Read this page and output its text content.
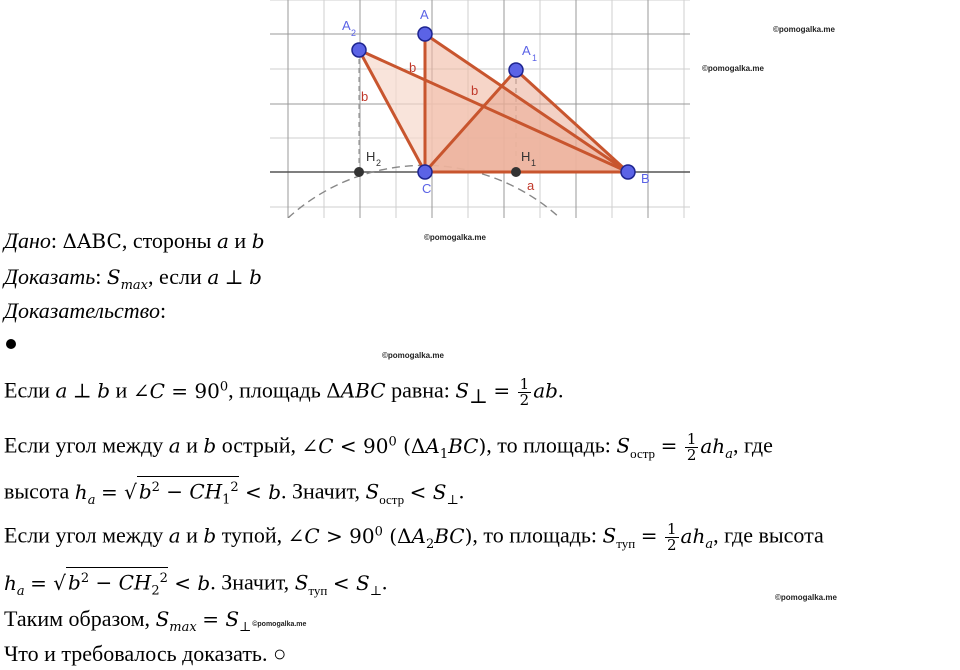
A 2
A
A 1
C
B
H 2	H 1
a
b
b
b
©pomogalka.me
©pomogalka.me
©pomogalka.me
©pomogalka.me
©pomogalka.me
Дано: ΔABC, стороны a и b
Доказать: $S_{max}$, если a ⊥ b
Доказательство:
Если a ⊥ b и ∠C = $90^0$, площадь ΔABC равна: $S_\perp = \frac{1}{2}$ ab.
Если угол между a и b острый, ∠C < $90^0$ $(\Delta A_1BC)$, то площадь: $S_{остр} = \frac{1}{2} ah_a$, где
высота $h_a$ = √ $b^2 - CH_1^2 < b$. Значит, $S_{остр} < S_\perp$.
Если угол между a и b тупой, ∠C > $90^0$ $(\Delta A_2BC)$, то площадь: $S_{туп} = \frac{1}{2} ah_a$, где высота
$h_a$ = √ $b^2 - CH_2^2 < b$. Значит, $S_{туп} < S_\perp$.
Таким образом, $S_{max}$ = $S_\perp©pomogalka.me$
Что и требовалось доказать. ○
